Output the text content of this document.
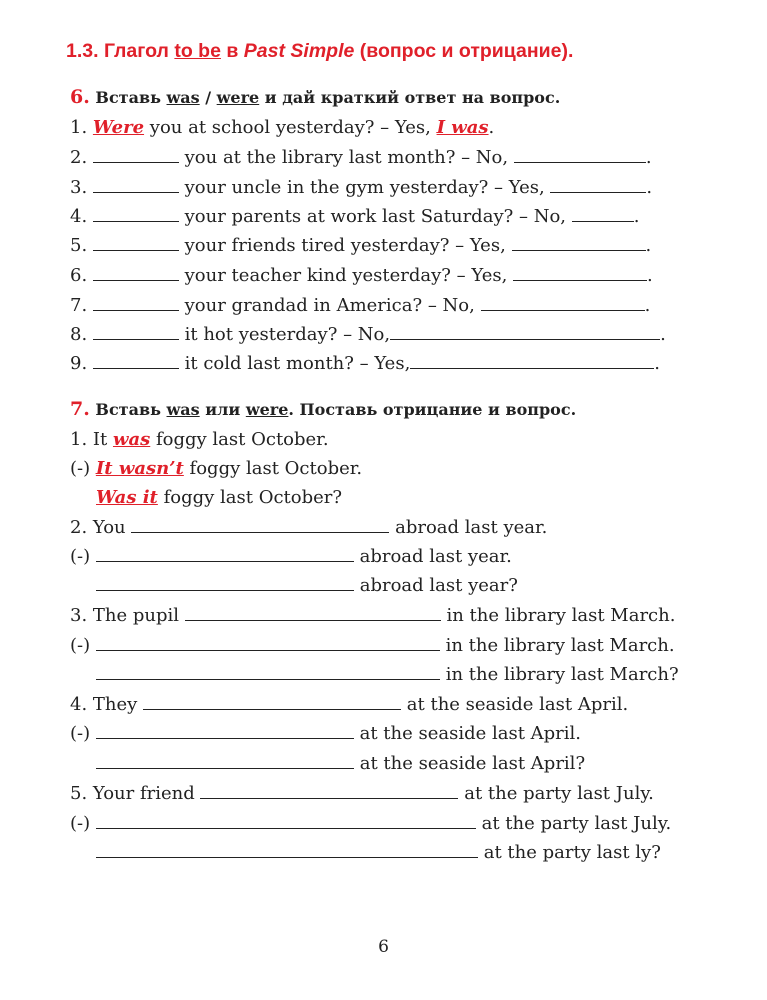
1.3. Глагол to be в Past Simple (вопрос и отрицание).
6. Вставь was / were и дай краткий ответ на вопрос.
1. Were you at school yesterday? – Yes, I was.
2.	you at the library last month? – No,	.
3.	your uncle in the gym yesterday? – Yes,	.
4.	your parents at work last Saturday? – No,	.
5.	your friends tired yesterday? – Yes,	.
6.	your teacher kind yesterday? – Yes,	.
7.	your grandad in America? – No,	.
8.	it hot yesterday? – No,	.
9.	it cold last month? – Yes,	.
7. Вставь was или were. Поставь отрицание и вопрос.
1. It was foggy last October.
(-) It wasn’t foggy last October.
Was it foggy last October?
2. You	abroad last year.
(-)	abroad last year.
abroad last year?
3. The pupil	in the library last March.
(-)	in the library last March.
in the library last March?
4. They	at the seaside last April.
(-)	at the seaside last April.
at the seaside last April?
5. Your friend	at the party last July.
(-)	at the party last July.
at the party last ly?
6
